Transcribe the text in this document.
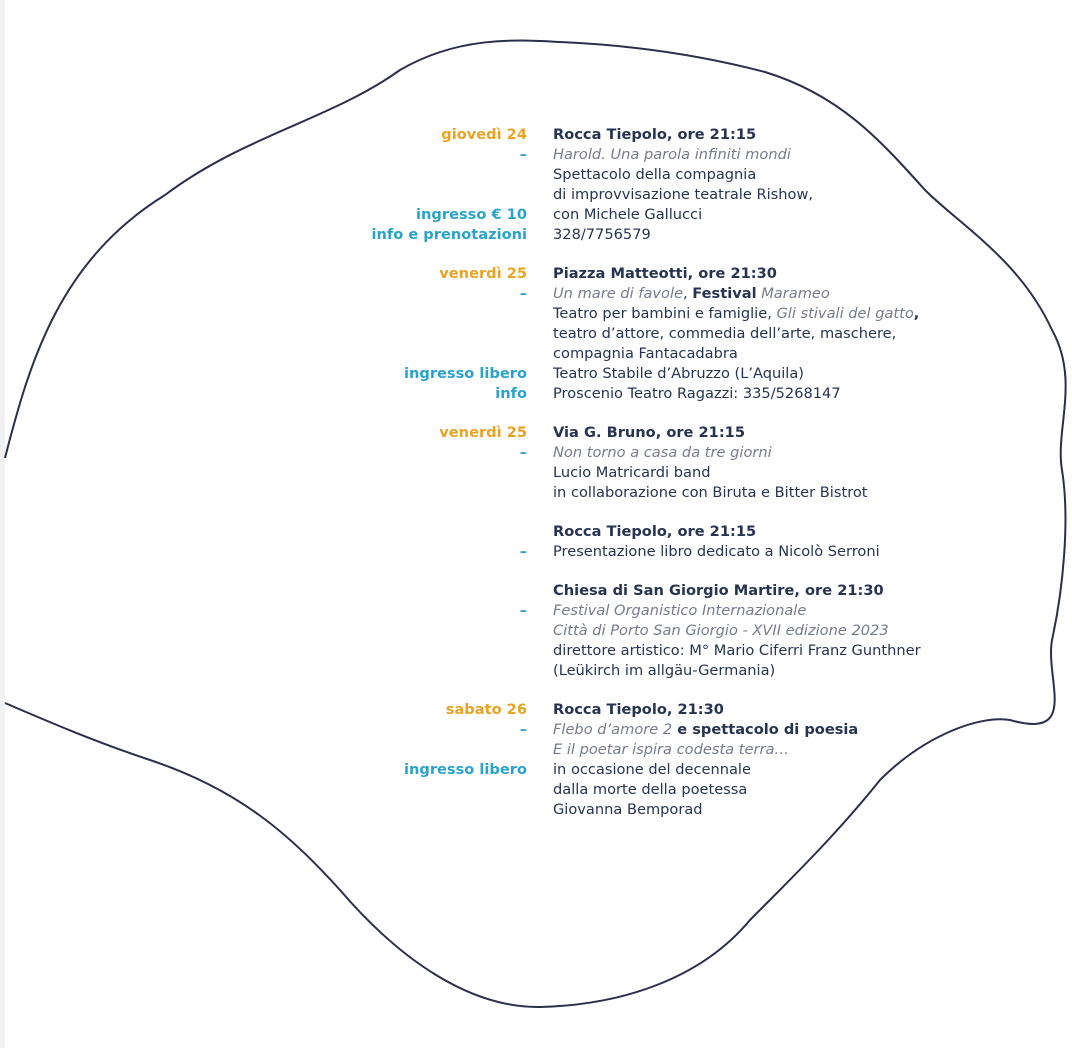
giovedì 24 Rocca Tiepolo, ore 21:15
– Harold. Una parola infiniti mondi
Spettacolo della compagnia
di improvvisazione teatrale Rishow,
ingresso € 10 con Michele Gallucci
info e prenotazioni 328/7756579
venerdì 25 Piazza Matteotti, ore 21:30
– Un mare di favole, Festival Marameo
Teatro per bambini e famiglie, Gli stivali del gatto,
teatro d’attore, commedia dell’arte, maschere,
compagnia Fantacadabra
ingresso libero Teatro Stabile d’Abruzzo (L’Aquila)
info Proscenio Teatro Ragazzi: 335/5268147
venerdì 25 Via G. Bruno, ore 21:15
– Non torno a casa da tre giorni
Lucio Matricardi band
in collaborazione con Biruta e Bitter Bistrot
Rocca Tiepolo, ore 21:15
– Presentazione libro dedicato a Nicolò Serroni
Chiesa di San Giorgio Martire, ore 21:30
– Festival Organistico Internazionale
Città di Porto San Giorgio - XVII edizione 2023
direttore artistico: M° Mario Ciferri Franz Gunthner
(Leükirch im allgäu-Germania)
sabato 26 Rocca Tiepolo, 21:30
– Flebo d’amore 2 e spettacolo di poesia
E il poetar ispira codesta terra…
ingresso libero in occasione del decennale
dalla morte della poetessa
Giovanna Bemporad
